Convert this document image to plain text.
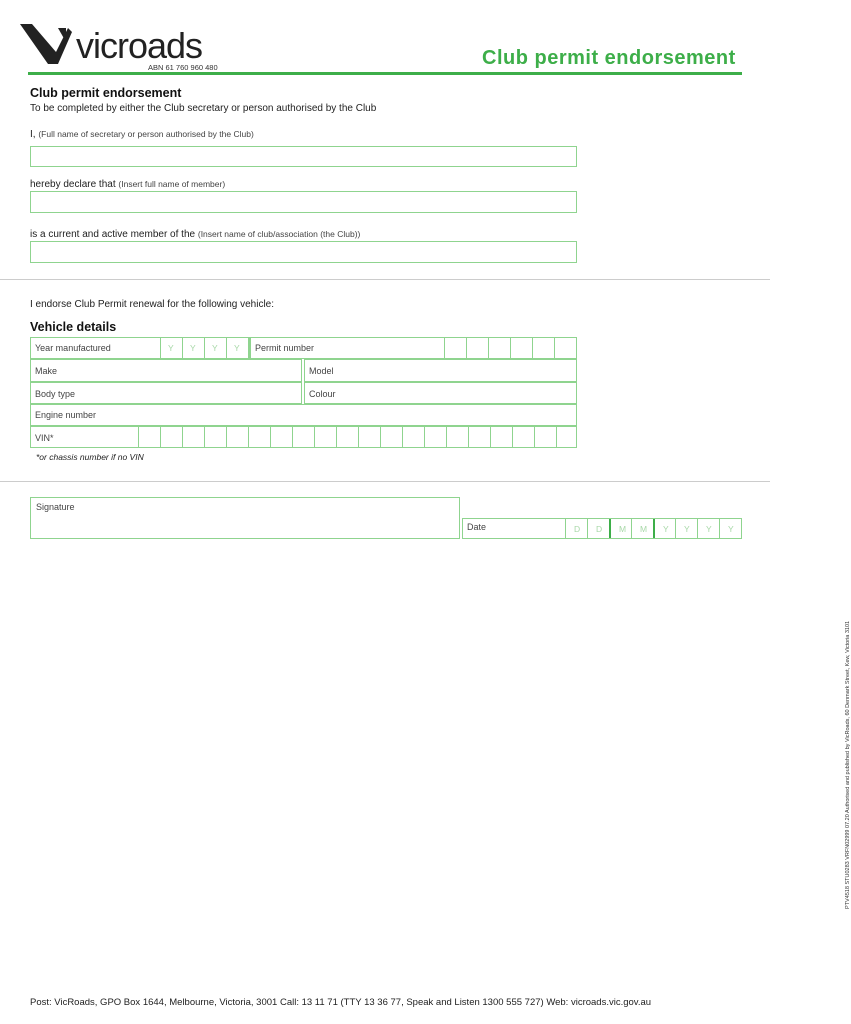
vicroads
ABN 61 760 960 480	Club permit endorsement
Club permit endorsement
To be completed by either the Club secretary or person authorised by the Club
I, (Full name of secretary or person authorised by the Club)
hereby declare that (Insert full name of member)
is a current and active member of the (Insert name of club/association (the Club))
I endorse Club Permit renewal for the following vehicle:
Vehicle details
Year manufactured	Y Y Y Y Permit number
Make	Model
Body type	Colour
Engine number
VIN*
*or chassis number if no VIN
Signature
Date	D D M M Y Y Y Y
PTV4518 STU0283 VRFN02999 07.20 Authorised and published by VicRoads, 60 Denmark Street, Kew, Victoria 3101
Post: VicRoads, GPO Box 1644, Melbourne, Victoria, 3001 Call: 13 11 71 (TTY 13 36 77, Speak and Listen 1300 555 727) Web: vicroads.vic.gov.au
